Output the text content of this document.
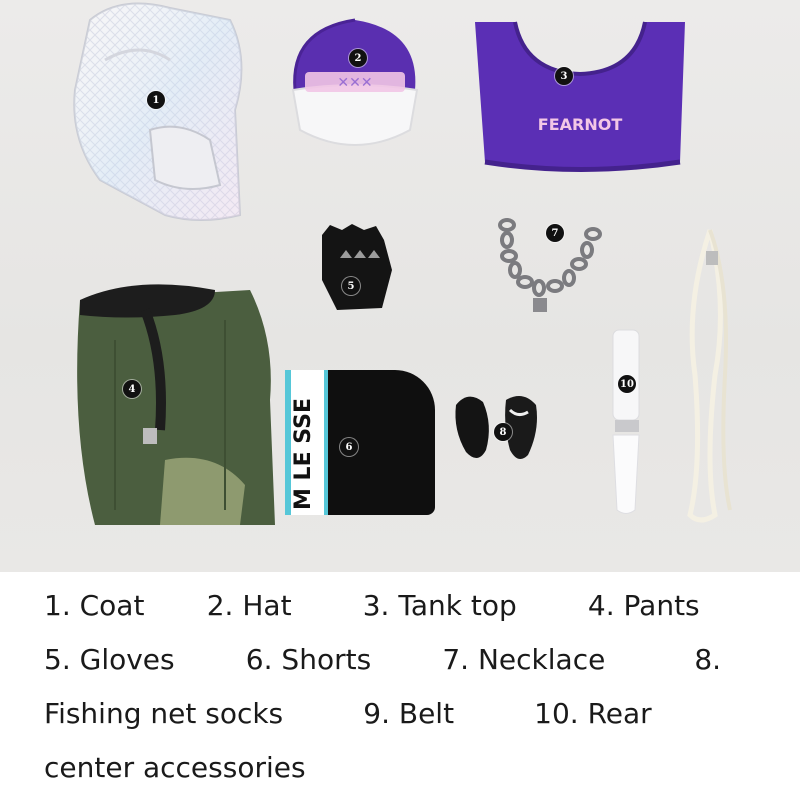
1
✕✕✕
2
FEARNOT
3
5
7
4
M LE SSE	6
8
10
1. Coat       2. Hat        3. Tank top        4. Pants
5. Gloves        6. Shorts        7. Necklace          8.
Fishing net socks         9. Belt         10. Rear
center accessories
